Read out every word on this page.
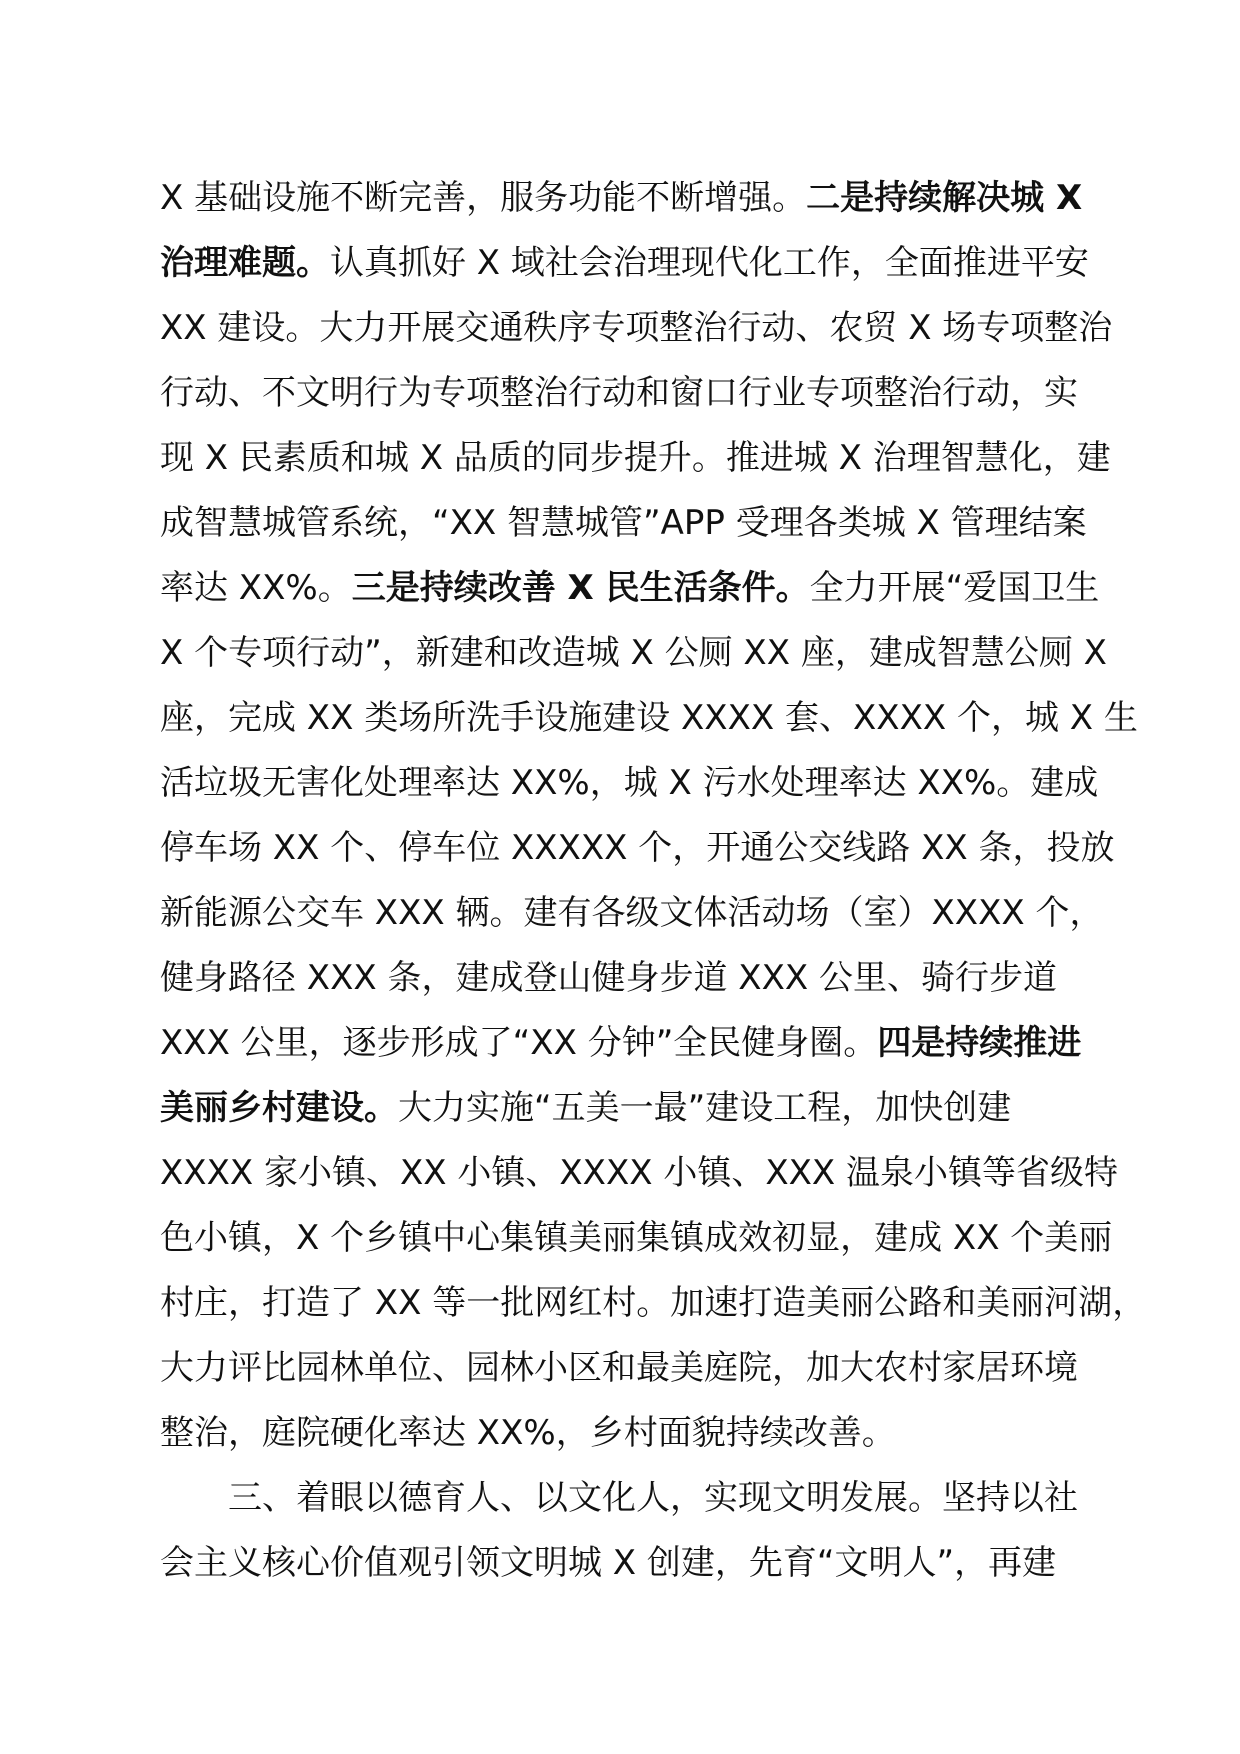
X 基础设施不断完善，服务功能不断增强。二是持续解决城 X
治理难题。认真抓好 X 域社会治理现代化工作，全面推进平安
XX 建设。大力开展交通秩序专项整治行动、农贸 X 场专项整治
行动、不文明行为专项整治行动和窗口行业专项整治行动，实
现 X 民素质和城 X 品质的同步提升。推进城 X 治理智慧化，建
成智慧城管系统，“XX 智慧城管”APP 受理各类城 X 管理结案
率达 XX%。三是持续改善 X 民生活条件。全力开展“爱国卫生
X 个专项行动”，新建和改造城 X 公厕 XX 座，建成智慧公厕 X
座，完成 XX 类场所洗手设施建设 XXXX 套、XXXX 个，城 X 生
活垃圾无害化处理率达 XX%，城 X 污水处理率达 XX%。建成
停车场 XX 个、停车位 XXXXX 个，开通公交线路 XX 条，投放
新能源公交车 XXX 辆。建有各级文体活动场（室）XXXX 个，
健身路径 XXX 条，建成登山健身步道 XXX 公里、骑行步道
XXX 公里，逐步形成了“XX 分钟”全民健身圈。四是持续推进
美丽乡村建设。大力实施“五美一最”建设工程，加快创建
XXXX 家小镇、XX 小镇、XXXX 小镇、XXX 温泉小镇等省级特
色小镇，X 个乡镇中心集镇美丽集镇成效初显，建成 XX 个美丽
村庄，打造了 XX 等一批网红村。加速打造美丽公路和美丽河湖，
大力评比园林单位、园林小区和最美庭院，加大农村家居环境
整治，庭院硬化率达 XX%，乡村面貌持续改善。
三、着眼以德育人、以文化人，实现文明发展。坚持以社
会主义核心价值观引领文明城 X 创建，先育“文明人”，再建
